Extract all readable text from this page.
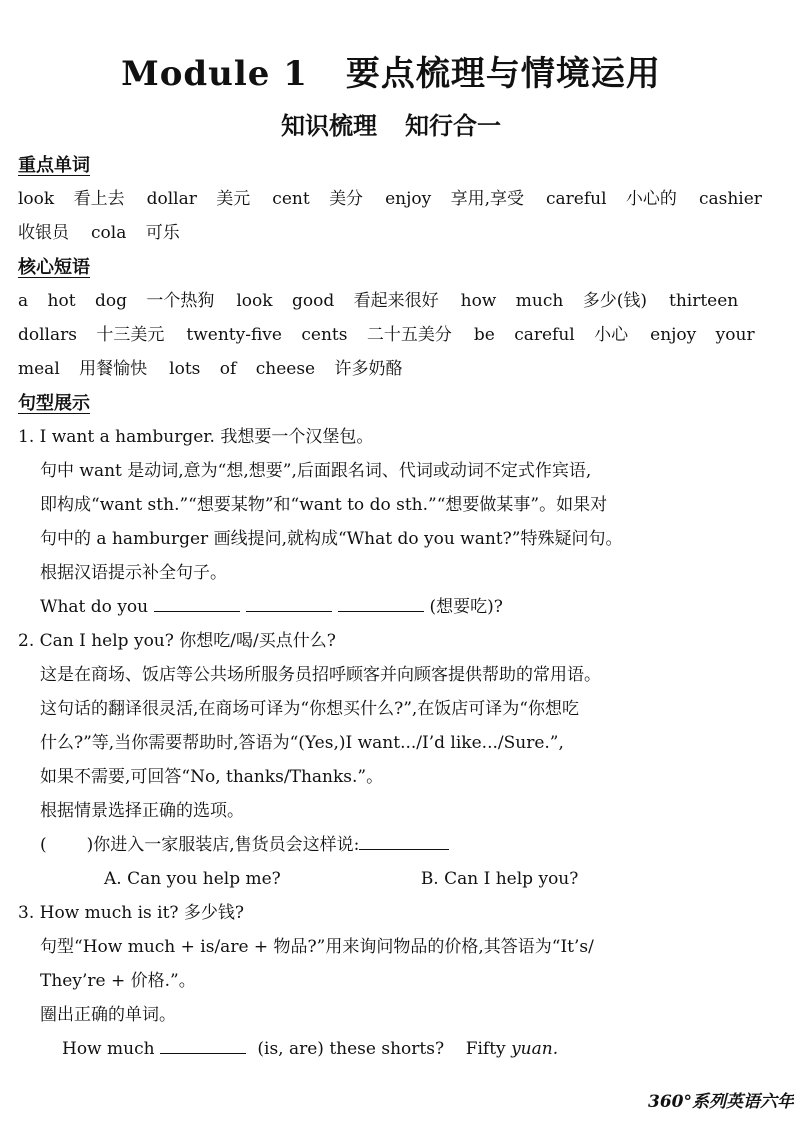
Module 1 要点梳理与情境运用
知识梳理 知行合一
重点单词

look 看上去 dollar 美元 cent 美分 enjoy 享用,享受 careful 小心的 cashier 收银员 cola 可乐

核心短语

a hot dog 一个热狗 look good 看起来很好 how much 多少(钱) thirteen dollars 十三美元 twenty-five cents 二十五美分 be careful 小心 enjoy your meal 用餐愉快 lots of cheese 许多奶酪

句型展示

1. I want a hamburger. 我想要一个汉堡包。

句中 want 是动词,意为“想,想要”,后面跟名词、代词或动词不定式作宾语,

即构成“want sth.”“想要某物”和“want to do sth.”“想要做某事”。如果对

句中的 a hamburger 画线提问,就构成“What do you want?”特殊疑问句。

根据汉语提示补全句子。

What do you	(想要吃)?

2. Can I help you? 你想吃/喝/买点什么?

这是在商场、饭店等公共场所服务员招呼顾客并向顾客提供帮助的常用语。

这句话的翻译很灵活,在商场可译为“你想买什么?”,在饭店可译为“你想吃

什么?”等,当你需要帮助时,答语为“(Yes,)I want.../I’d like.../Sure.”,

如果不需要,可回答“No, thanks/Thanks.”。

根据情景选择正确的选项。

( )你进入一家服装店,售货员会这样说:

A. Can you help me?	B. Can I help you?

3. How much is it? 多少钱?

句型“How much + is/are + 物品?”用来询问物品的价格,其答语为“It’s/

They’re + 价格.”。

圈出正确的单词。

How much	(is, are) these shorts? Fifty yuan.

360°系列英语六年
